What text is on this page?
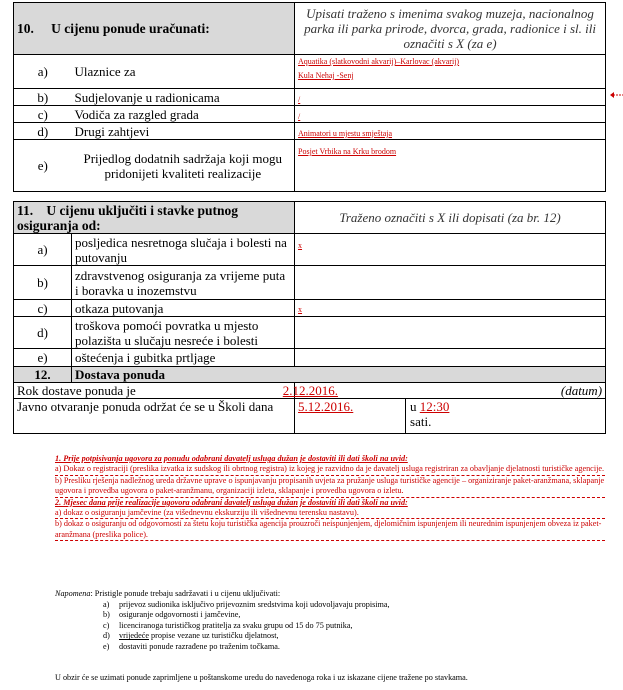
10. U cijenu ponude uračunati:		Upisati traženo s imenima svakog muzeja, nacionalnog parka ili parka prirode, dvorca, grada, radionice i sl. ili označiti s X (za e)
a)	Ulaznice za	Aquatika (slatkovodni akvarij)–Karlovac (akvarij)
Kula Nehaj -Senj

b)	Sudjelovanje u radionicama	/
c)	Vodiča za razgled grada	/
d)	Drugi zahtjevi	Animatori u mjestu smještaja
e)	Prijedlog dodatnih sadržaja koji mogu pridonijeti kvaliteti realizacije	Posjet Vrbika na Krku brodom

11. U cijenu uključiti i stavke putnog osiguranja od:		Traženo označiti s X ili dopisati (za br. 12)
a)	posljedica nesretnoga slučaja i bolesti na putovanju	x
b)	zdravstvenog osiguranja za vrijeme puta i boravka u inozemstvu	
c)	otkaza putovanja	x
d)	troškova pomoći povratka u mjesto polazišta u slučaju nesreće i bolesti	
e)	oštećenja i gubitka prtljage	
12.	Dostava ponuda	
Rok dostave ponuda je 2.12.2016.		(datum)
Javno otvaranje ponuda održat će se u Školi dana		5.12.2016. u 12:30
sati.

1. Prije potpisivanja ugovora za ponudu odabrani davatelj usluga dužan je dostaviti ili dati školi na uvid:

a) Dokaz o registraciji (preslika izvatka iz sudskog ili obrtnog registra) iz kojeg je razvidno da je davatelj usluga registriran za obavljanje djelatnosti turističke agencije.

b) Presliku rješenja nadležnog ureda državne uprave o ispunjavanju propisanih uvjeta za pružanje usluga turističke agencije – organiziranje paket-aranžmana, sklapanje ugovora i provedba ugovora o paket-aranžmanu, organizaciji izleta, sklapanje i provedba ugovora o izletu.

2. Mjesec dana prije realizacije ugovora odabrani davatelj usluga dužan je dostaviti ili dati školi na uvid:

a) dokaz o osiguranju jamčevine (za višednevnu ekskurziju ili višednevnu terensku nastavu).

b) dokaz o osiguranju od odgovornosti za štetu koju turistička agencija prouzroči neispunjenjem, djelomičnim ispunjenjem ili neurednim ispunjenjem obveza iz paket-aranžmana (preslika police).

Napomena: Pristigle ponude trebaju sadržavati i u cijenu uključivati:
a) prijevoz sudionika isključivo prijevoznim sredstvima koji udovoljavaju propisima,
b) osiguranje odgovornosti i jamčevine,
c) licenciranoga turističkog pratitelja za svaku grupu od 15 do 75 putnika,
d) vrijedeće propise vezane uz turističku djelatnost,
e) dostaviti ponude razrađene po traženim točkama.
U obzir će se uzimati ponude zaprimljene u poštanskome uredu do navedenoga roka i uz iskazane cijene tražene po stavkama.
